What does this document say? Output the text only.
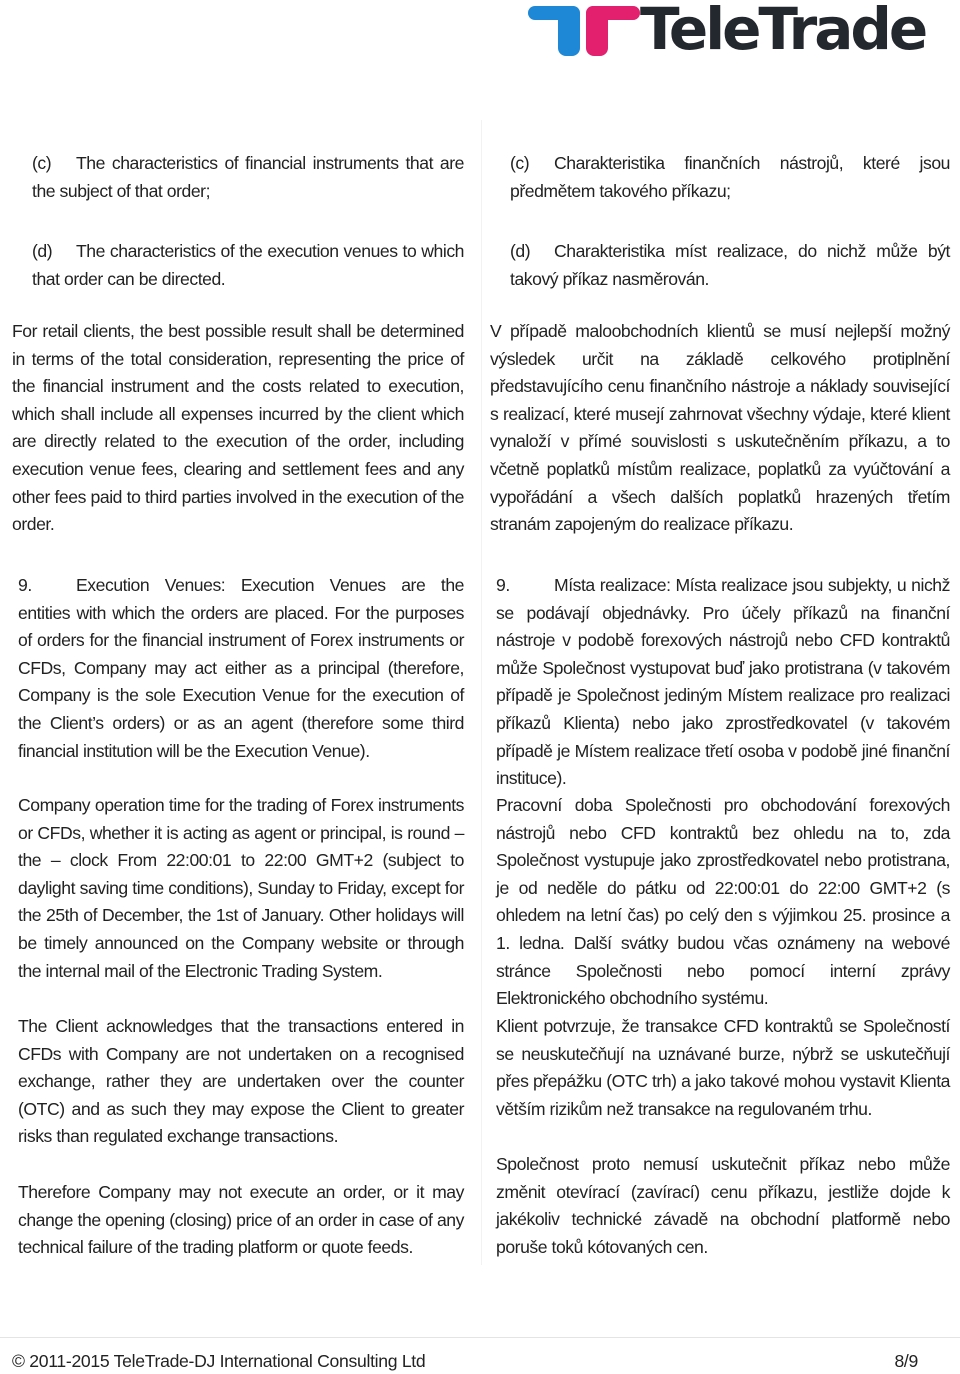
TeleTrade

(c) The characteristics of financial instruments that are the subject of that order;

(d) The characteristics of the execution venues to which that order can be directed.

For retail clients, the best possible result shall be determined in terms of the total consideration, representing the price of the financial instrument and the costs related to execution, which shall include all expenses incurred by the client which are directly related to the execution of the order, including execution venue fees, clearing and settlement fees and any other fees paid to third parties involved in the execution of the order.

9.	Execution Venues: Execution Venues are the entities with which the orders are placed. For the purposes of orders for the financial instrument of Forex instruments or CFDs, Company may act either as a principal (therefore, Company is the sole Execution Venue for the execution of the Client’s orders) or as an agent (therefore some third financial institution will be the Execution Venue).

Company operation time for the trading of Forex instruments or CFDs, whether it is acting as agent or principal, is round – the – clock From 22:00:01 to 22:00 GMT+2 (subject to daylight saving time conditions), Sunday to Friday, except for the 25th of December, the 1st of January. Other holidays will be timely announced on the Company website or through the internal mail of the Electronic Trading System.

The Client acknowledges that the transactions entered in CFDs with Company are not undertaken on a recognised exchange, rather they are undertaken over the counter (OTC) and as such they may expose the Client to greater risks than regulated exchange transactions.

Therefore Company may not execute an order, or it may change the opening (closing) price of an order in case of any technical failure of the trading platform or quote feeds.

(c) Charakteristika finančních nástrojů, které jsou předmětem takového příkazu;

(d) Charakteristika míst realizace, do nichž může být takový příkaz nasměrován.

V případě maloobchodních klientů se musí nejlepší možný výsledek určit na základě celkového protiplnění představujícího cenu finančního nástroje a náklady související s realizací, které musejí zahrnovat všechny výdaje, které klient vynaloží v přímé souvislosti s uskutečněním příkazu, a to včetně poplatků místům realizace, poplatků za vyúčtování a vypořádání a všech dalších poplatků hrazených třetím stranám zapojeným do realizace příkazu.

9.	Místa realizace: Místa realizace jsou subjekty, u nichž se podávají objednávky. Pro účely příkazů na finanční nástroje v podobě forexových nástrojů nebo CFD kontraktů může Společnost vystupovat buď jako protistrana (v takovém případě je Společnost jediným Místem realizace pro realizaci příkazů Klienta) nebo jako zprostředkovatel (v takovém případě je Místem realizace třetí osoba v podobě jiné finanční instituce).

Pracovní doba Společnosti pro obchodování forexových nástrojů nebo CFD kontraktů bez ohledu na to, zda Společnost vystupuje jako zprostředkovatel nebo protistrana, je od neděle do pátku od 22:00:01 do 22:00 GMT+2 (s ohledem na letní čas) po celý den s výjimkou 25. prosince a 1. ledna. Další svátky budou včas oznámeny na webové stránce Společnosti nebo pomocí interní zprávy Elektronického obchodního systému.

Klient potvrzuje, že transakce CFD kontraktů se Společností se neuskutečňují na uznávané burze, nýbrž se uskutečňují přes přepážku (OTC trh) a jako takové mohou vystavit Klienta větším rizikům než transakce na regulovaném trhu.

Společnost proto nemusí uskutečnit příkaz nebo může změnit otevírací (zavírací) cenu příkazu, jestliže dojde k jakékoliv technické závadě na obchodní platformě nebo poruše toků kótovaných cen.

© 2011-2015 TeleTrade-DJ International Consulting Ltd	8/9
